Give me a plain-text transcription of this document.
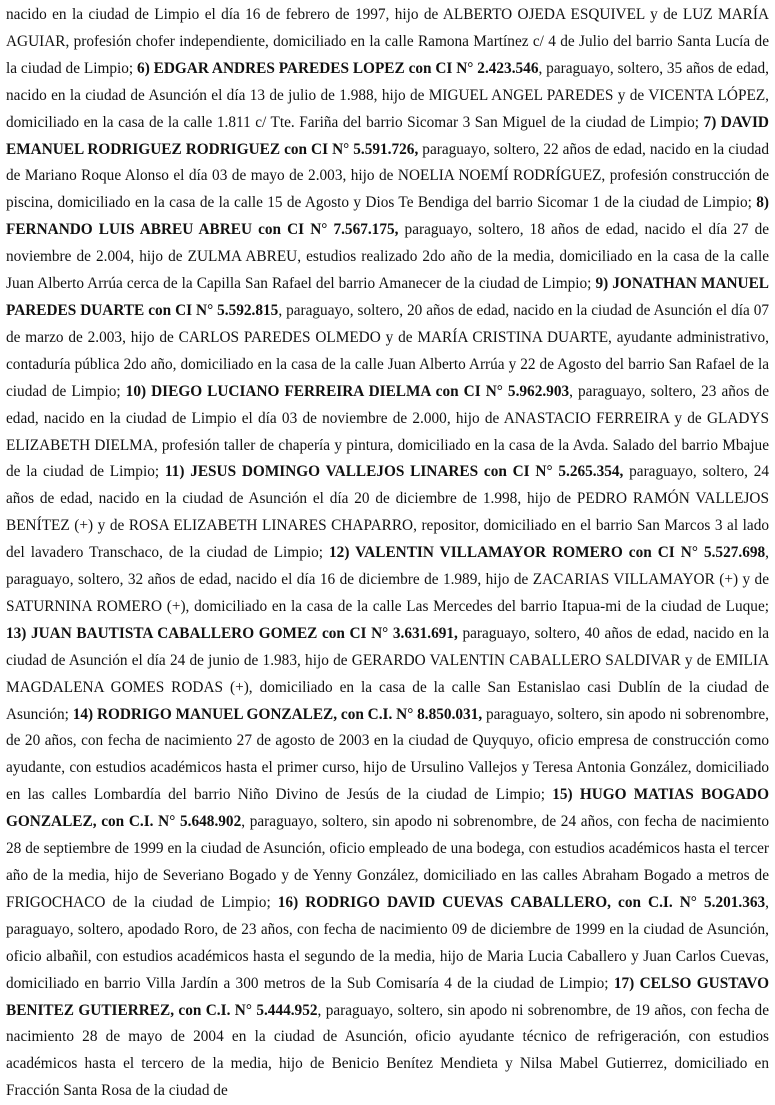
nacido en la ciudad de Limpio el día 16 de febrero de 1997, hijo de ALBERTO OJEDA ESQUIVEL y de LUZ MARÍA AGUIAR, profesión chofer independiente, domiciliado en la calle Ramona Martínez c/ 4 de Julio del barrio Santa Lucía de la ciudad de Limpio; 6) EDGAR ANDRES PAREDES LOPEZ con CI N° 2.423.546, paraguayo, soltero, 35 años de edad, nacido en la ciudad de Asunción el día 13 de julio de 1.988, hijo de MIGUEL ANGEL PAREDES y de VICENTA LÓPEZ, domiciliado en la casa de la calle 1.811 c/ Tte. Fariña del barrio Sicomar 3 San Miguel de la ciudad de Limpio; 7) DAVID EMANUEL RODRIGUEZ RODRIGUEZ con CI N° 5.591.726, paraguayo, soltero, 22 años de edad, nacido en la ciudad de Mariano Roque Alonso el día 03 de mayo de 2.003, hijo de NOELIA NOEMÍ RODRÍGUEZ, profesión construcción de piscina, domiciliado en la casa de la calle 15 de Agosto y Dios Te Bendiga del barrio Sicomar 1 de la ciudad de Limpio; 8) FERNANDO LUIS ABREU ABREU con CI N° 7.567.175, paraguayo, soltero, 18 años de edad, nacido el día 27 de noviembre de 2.004, hijo de ZULMA ABREU, estudios realizado 2do año de la media, domiciliado en la casa de la calle Juan Alberto Arrúa cerca de la Capilla San Rafael del barrio Amanecer de la ciudad de Limpio; 9) JONATHAN MANUEL PAREDES DUARTE con CI N° 5.592.815, paraguayo, soltero, 20 años de edad, nacido en la ciudad de Asunción el día 07 de marzo de 2.003, hijo de CARLOS PAREDES OLMEDO y de MARÍA CRISTINA DUARTE, ayudante administrativo, contaduría pública 2do año, domiciliado en la casa de la calle Juan Alberto Arrúa y 22 de Agosto del barrio San Rafael de la ciudad de Limpio; 10) DIEGO LUCIANO FERREIRA DIELMA con CI N° 5.962.903, paraguayo, soltero, 23 años de edad, nacido en la ciudad de Limpio el día 03 de noviembre de 2.000, hijo de ANASTACIO FERREIRA y de GLADYS ELIZABETH DIELMA, profesión taller de chapería y pintura, domiciliado en la casa de la Avda. Salado del barrio Mbajue de la ciudad de Limpio; 11) JESUS DOMINGO VALLEJOS LINARES con CI N° 5.265.354, paraguayo, soltero, 24 años de edad, nacido en la ciudad de Asunción el día 20 de diciembre de 1.998, hijo de PEDRO RAMÓN VALLEJOS BENÍTEZ (+) y de ROSA ELIZABETH LINARES CHAPARRO, repositor, domiciliado en el barrio San Marcos 3 al lado del lavadero Transchaco, de la ciudad de Limpio; 12) VALENTIN VILLAMAYOR ROMERO con CI N° 5.527.698, paraguayo, soltero, 32 años de edad, nacido el día 16 de diciembre de 1.989, hijo de ZACARIAS VILLAMAYOR (+) y de SATURNINA ROMERO (+), domiciliado en la casa de la calle Las Mercedes del barrio Itapua-mi de la ciudad de Luque; 13) JUAN BAUTISTA CABALLERO GOMEZ con CI N° 3.631.691, paraguayo, soltero, 40 años de edad, nacido en la ciudad de Asunción el día 24 de junio de 1.983, hijo de GERARDO VALENTIN CABALLERO SALDIVAR y de EMILIA MAGDALENA GOMES RODAS (+), domiciliado en la casa de la calle San Estanislao casi Dublín de la ciudad de Asunción; 14) RODRIGO MANUEL GONZALEZ, con C.I. N° 8.850.031, paraguayo, soltero, sin apodo ni sobrenombre, de 20 años, con fecha de nacimiento 27 de agosto de 2003 en la ciudad de Quyquyo, oficio empresa de construcción como ayudante, con estudios académicos hasta el primer curso, hijo de Ursulino Vallejos y Teresa Antonia González, domiciliado en las calles Lombardía del barrio Niño Divino de Jesús de la ciudad de Limpio; 15) HUGO MATIAS BOGADO GONZALEZ, con C.I. N° 5.648.902, paraguayo, soltero, sin apodo ni sobrenombre, de 24 años, con fecha de nacimiento 28 de septiembre de 1999 en la ciudad de Asunción, oficio empleado de una bodega, con estudios académicos hasta el tercer año de la media, hijo de Severiano Bogado y de Yenny González, domiciliado en las calles Abraham Bogado a metros de FRIGOCHACO de la ciudad de Limpio; 16) RODRIGO DAVID CUEVAS CABALLERO, con C.I. N° 5.201.363, paraguayo, soltero, apodado Roro, de 23 años, con fecha de nacimiento 09 de diciembre de 1999 en la ciudad de Asunción, oficio albañil, con estudios académicos hasta el segundo de la media, hijo de Maria Lucia Caballero y Juan Carlos Cuevas, domiciliado en barrio Villa Jardín a 300 metros de la Sub Comisaría 4 de la ciudad de Limpio; 17) CELSO GUSTAVO BENITEZ GUTIERREZ, con C.I. N° 5.444.952, paraguayo, soltero, sin apodo ni sobrenombre, de 19 años, con fecha de nacimiento 28 de mayo de 2004 en la ciudad de Asunción, oficio ayudante técnico de refrigeración, con estudios académicos hasta el tercero de la media, hijo de Benicio Benítez Mendieta y Nilsa Mabel Gutierrez, domiciliado en Fracción Santa Rosa de la ciudad de
